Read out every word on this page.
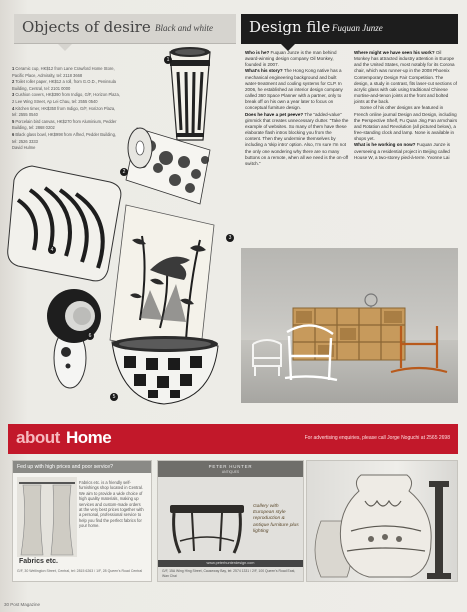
Objects of desire Black and white
1 Ceramic cup, HK$12 from Lane Crawford Home Store, Pacific Place, Admiralty, tel: 2118 3668
2 Toilet roller paper, HK$12 a roll, from G.O.D., Peninsula Building, Central, tel: 2101 0000
3 Cushion covers, HK$390 from Indigo, G/F, Horizon Plaza, 2 Lee Wing Street, Ap Lei Chau, tel: 2555 0540
4 Kitchen timer, HK$350 from Indigo, G/F, Horizon Plaza, tel: 2555 0540
5 Porcelain bird canvas, HK$270 from Aluminium, Pedder Building, tel: 2868 0202
6 Black glass bowl, HK$998 from Alfred, Pedder Building, tel: 2526 3333
David Hulme
1
2
3
4
5
6
Design file Fuquan Junze

Who is he? Fuquan Junze is the man behind award-winning design company Oil Monkey, founded in 2007.

What's his story? The Hong Kong native has a mechanical engineering background and built water-treatment and cooling systems for CLP. In 2006, he established an interior design company called 360 Space Planner with a partner, only to break off on his own a year later to focus on conceptual furniture design.

Does he have a pet peeve? The "added-value" gimmick that creates unnecessary clutter. "Take the example of websites. So many of them have these elaborate flash intros blocking you from the content. Then they undermine themselves by including a 'skip intro' option. Also, I'm sure I'm not the only one wondering why there are so many buttons on a remote, when all we need is the on-off switch."

Where might we have seen his work? Oil Monkey has attracted industry attention in Europe and the United States, most notably for its Corona chair, which was runner-up in the 2008 Phoenix Contemporary Design Fair Competition. The design, a study in contrast, fits laser-cut sections of acrylic glass with oak using traditional Chinese mortise-and-tenon joints at the front and bolted joints at the back.

Some of his other designs are featured in French online journal Design and Design, including the Perspective Shelf, Fu Quan Jing Fan armchairs and Rotation and Revolution (all pictured below), a free-standing clock and lamp. None is available in shops yet.

What is he working on now? Fuquan Junze is overseeing a residential project in Beijing called House W, a two-storey pied-à-terre. Yvonne Lai

about Home	For advertising enquiries, please call Jorge Noguchi at 2565 2698
Fed up with high prices and poor service?
Fabrics etc. is a friendly self-furnishings shop located in Central. We aim to provide a wide choice of high quality materials, making up services and custom-made orders at the very best prices together with a personal, professional service to help you find the perfect fabrics for your home.
Fabrics etc.
G/F, 30 Wellington Street, Central, tel: 2815 6263 / 1/F, 28 Queen's Road Central
PETER HUNTER
ANTIQUES
Gallery with European style reproduction & antique furniture plus lighting
www.peterhunterdesign.com
G/F, 15A Wing Hing Street, Causeway Bay, tel: 2574 1331 / 2/F, 100 Queen's Road East, Wan Chai
30 Post Magazine
